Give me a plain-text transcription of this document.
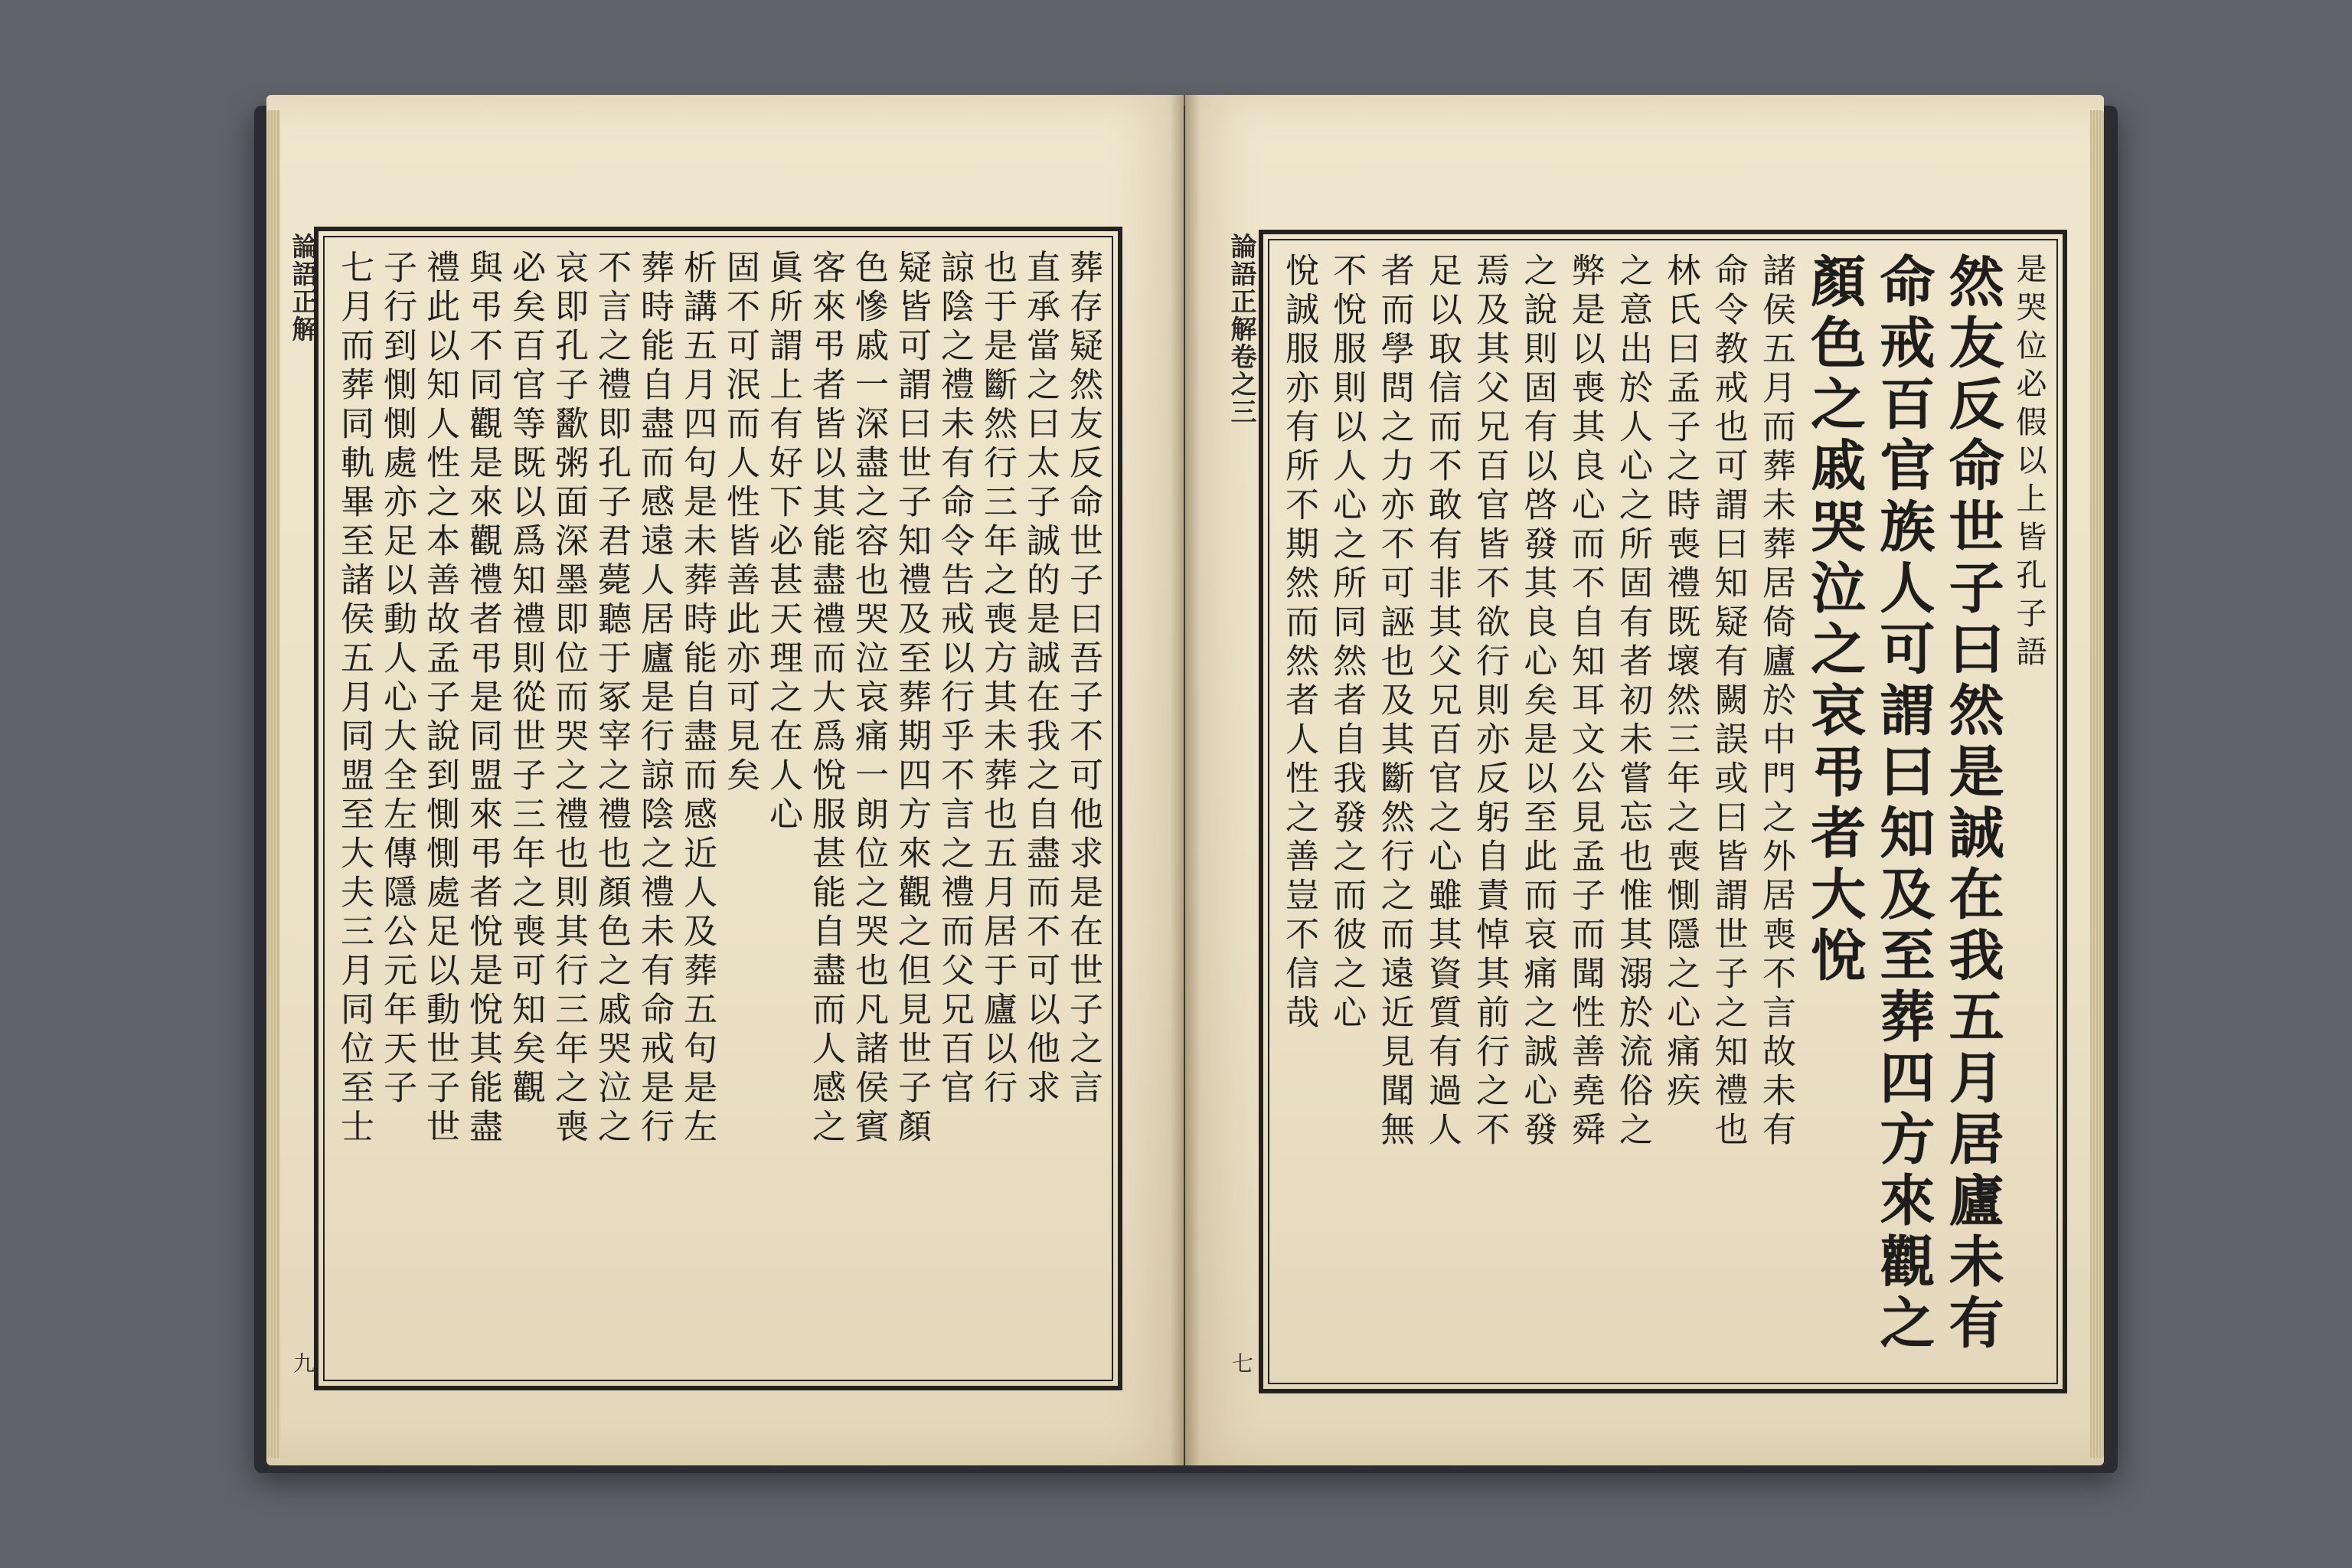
論語正解
九
葬存疑然友反命世子曰吾子不可他求是在世子之言
直承當之曰太子誠的是誠在我之自盡而不可以他求
也于是斷然行三年之喪方其未葬也五月居于廬以行
諒陰之禮未有命令告戒以行乎不言之禮而父兄百官
疑皆可謂曰世子知禮及至葬期四方來觀之但見世子顏
色慘戚一深盡之容也哭泣哀痛一朗位之哭也凡諸侯賓
客來弔者皆以其能盡禮而大爲悅服甚能自盡而人感之
眞所謂上有好下必甚天理之在人心
固不可泯而人性皆善此亦可見矣
析講五月四句是未葬時能自盡而感近人及葬五句是左
葬時能自盡而感遠人居廬是行諒陰之禮未有命戒是行
不言之禮即孔子君薨聽于冢宰之禮也顏色之戚哭泣之
哀即孔子歠粥面深墨即位而哭之禮也則其行三年之喪
必矣百官等既以爲知禮則從世子三年之喪可知矣觀
與弔不同觀是來觀禮者弔是同盟來弔者悅是悅其能盡
禮此以知人性之本善故孟子說到惻惻處足以動世子世
子行到惻惻處亦足以動人心大全左傳隱公元年天子
七月而葬同軌畢至諸侯五月同盟至大夫三月同位至士	論語正解卷之三
七
是哭位必假以上皆孔子語
然友反命世子曰然是誠在我五月居廬未有
命戒百官族人可謂曰知及至葬四方來觀之
顏色之戚哭泣之哀弔者大悅
諸侯五月而葬未葬居倚廬於中門之外居喪不言故未有
命令教戒也可謂曰知疑有闕誤或曰皆謂世子之知禮也
林氏曰孟子之時喪禮既壞然三年之喪惻隱之心痛疾
之意出於人心之所固有者初未嘗忘也惟其溺於流俗之
弊是以喪其良心而不自知耳文公見孟子而聞性善堯舜
之說則固有以啓發其良心矣是以至此而哀痛之誠心發
焉及其父兄百官皆不欲行則亦反躬自責悼其前行之不
足以取信而不敢有非其父兄百官之心雖其資質有過人
者而學問之力亦不可誣也及其斷然行之而遠近見聞無
不悅服則以人心之所同然者自我發之而彼之心
悅誠服亦有所不期然而然者人性之善豈不信哉
